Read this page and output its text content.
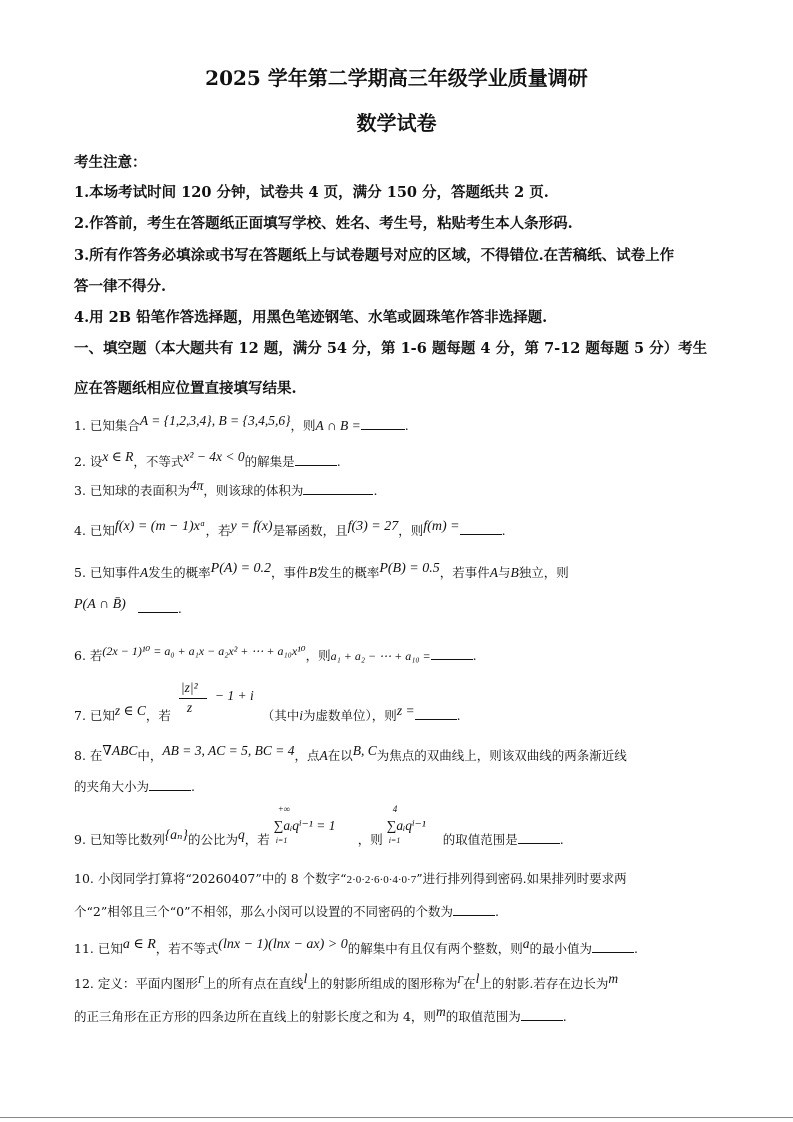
2025 学年第二学期高三年级学业质量调研
数学试卷
考生注意：
1.本场考试时间 120 分钟，试卷共 4 页，满分 150 分，答题纸共 2 页.
2.作答前，考生在答题纸正面填写学校、姓名、考生号，粘贴考生本人条形码.
3.所有作答务必填涂或书写在答题纸上与试卷题号对应的区域，不得错位.在苦稿纸、试卷上作
答一律不得分.
4.用 2B 铅笔作答选择题，用黑色笔迹钢笔、水笔或圆珠笔作答非选择题.
一、填空题（本大题共有 12 题，满分 54 分，第 1-6 题每题 4 分，第 7-12 题每题 5 分）考生
应在答题纸相应位置直接填写结果.
1. 已知集合A = {1,2,3,4}, B = {3,4,5,6}，则A ∩ B =	.
2. 设x ∈ R，不等式x² − 4x < 0的解集是	.
3. 已知球的表面积为4π，则该球的体积为	.
4. 已知f(x) = (m − 1)xᵅ，若y = f(x)是幂函数，且f(3) = 27，则f(m) =	.
5. 已知事件A发生的概率P(A) = 0.2，事件B发生的概率P(B) = 0.5，若事件A与B独立，则
P(A ∩ B̄)	.
6. 若(2x − 1)¹⁰ = a₀ + a₁x − a₂x² + ⋯ + a₁₀x¹⁰，则a₁ + a₂ − ⋯ + a₁₀ =	.
7. 已知z ∈ C，若 $\frac{\text{|z|²}}{z}$
− 1 + i（其中i为虚数单位），则z =	.
8. 在∇ABC中，AB = 3, AC = 5, BC = 4，点A在以B, C为焦点的双曲线上，则该双曲线的两条渐近线
的夹角大小为	.
9. 已知等比数列{aₙ}的公比为q，若
+∞
∑aᵢqⁱ⁻¹ = 1
i=1	，则
4
∑aᵢqⁱ⁻¹
i=1	的取值范围是	.
10. 小闵同学打算将“20260407”中的 8 个数字“2·0·2·6·0·4·0·7”进行排列得到密码.如果排列时要求两
个“2”相邻且三个“0”不相邻，那么小闵可以设置的不同密码的个数为	.
11. 已知a ∈ R，若不等式(lnx − 1)(lnx − ax) > 0的解集中有且仅有两个整数，则a的最小值为	.
12. 定义：平面内图形$^\Gamma$上的所有点在直线l上的射影所组成的图形称为$^\Gamma$在l上的射影.若存在边长为m
的正三角形在正方形的四条边所在直线上的射影长度之和为 4，则m的取值范围为	.
